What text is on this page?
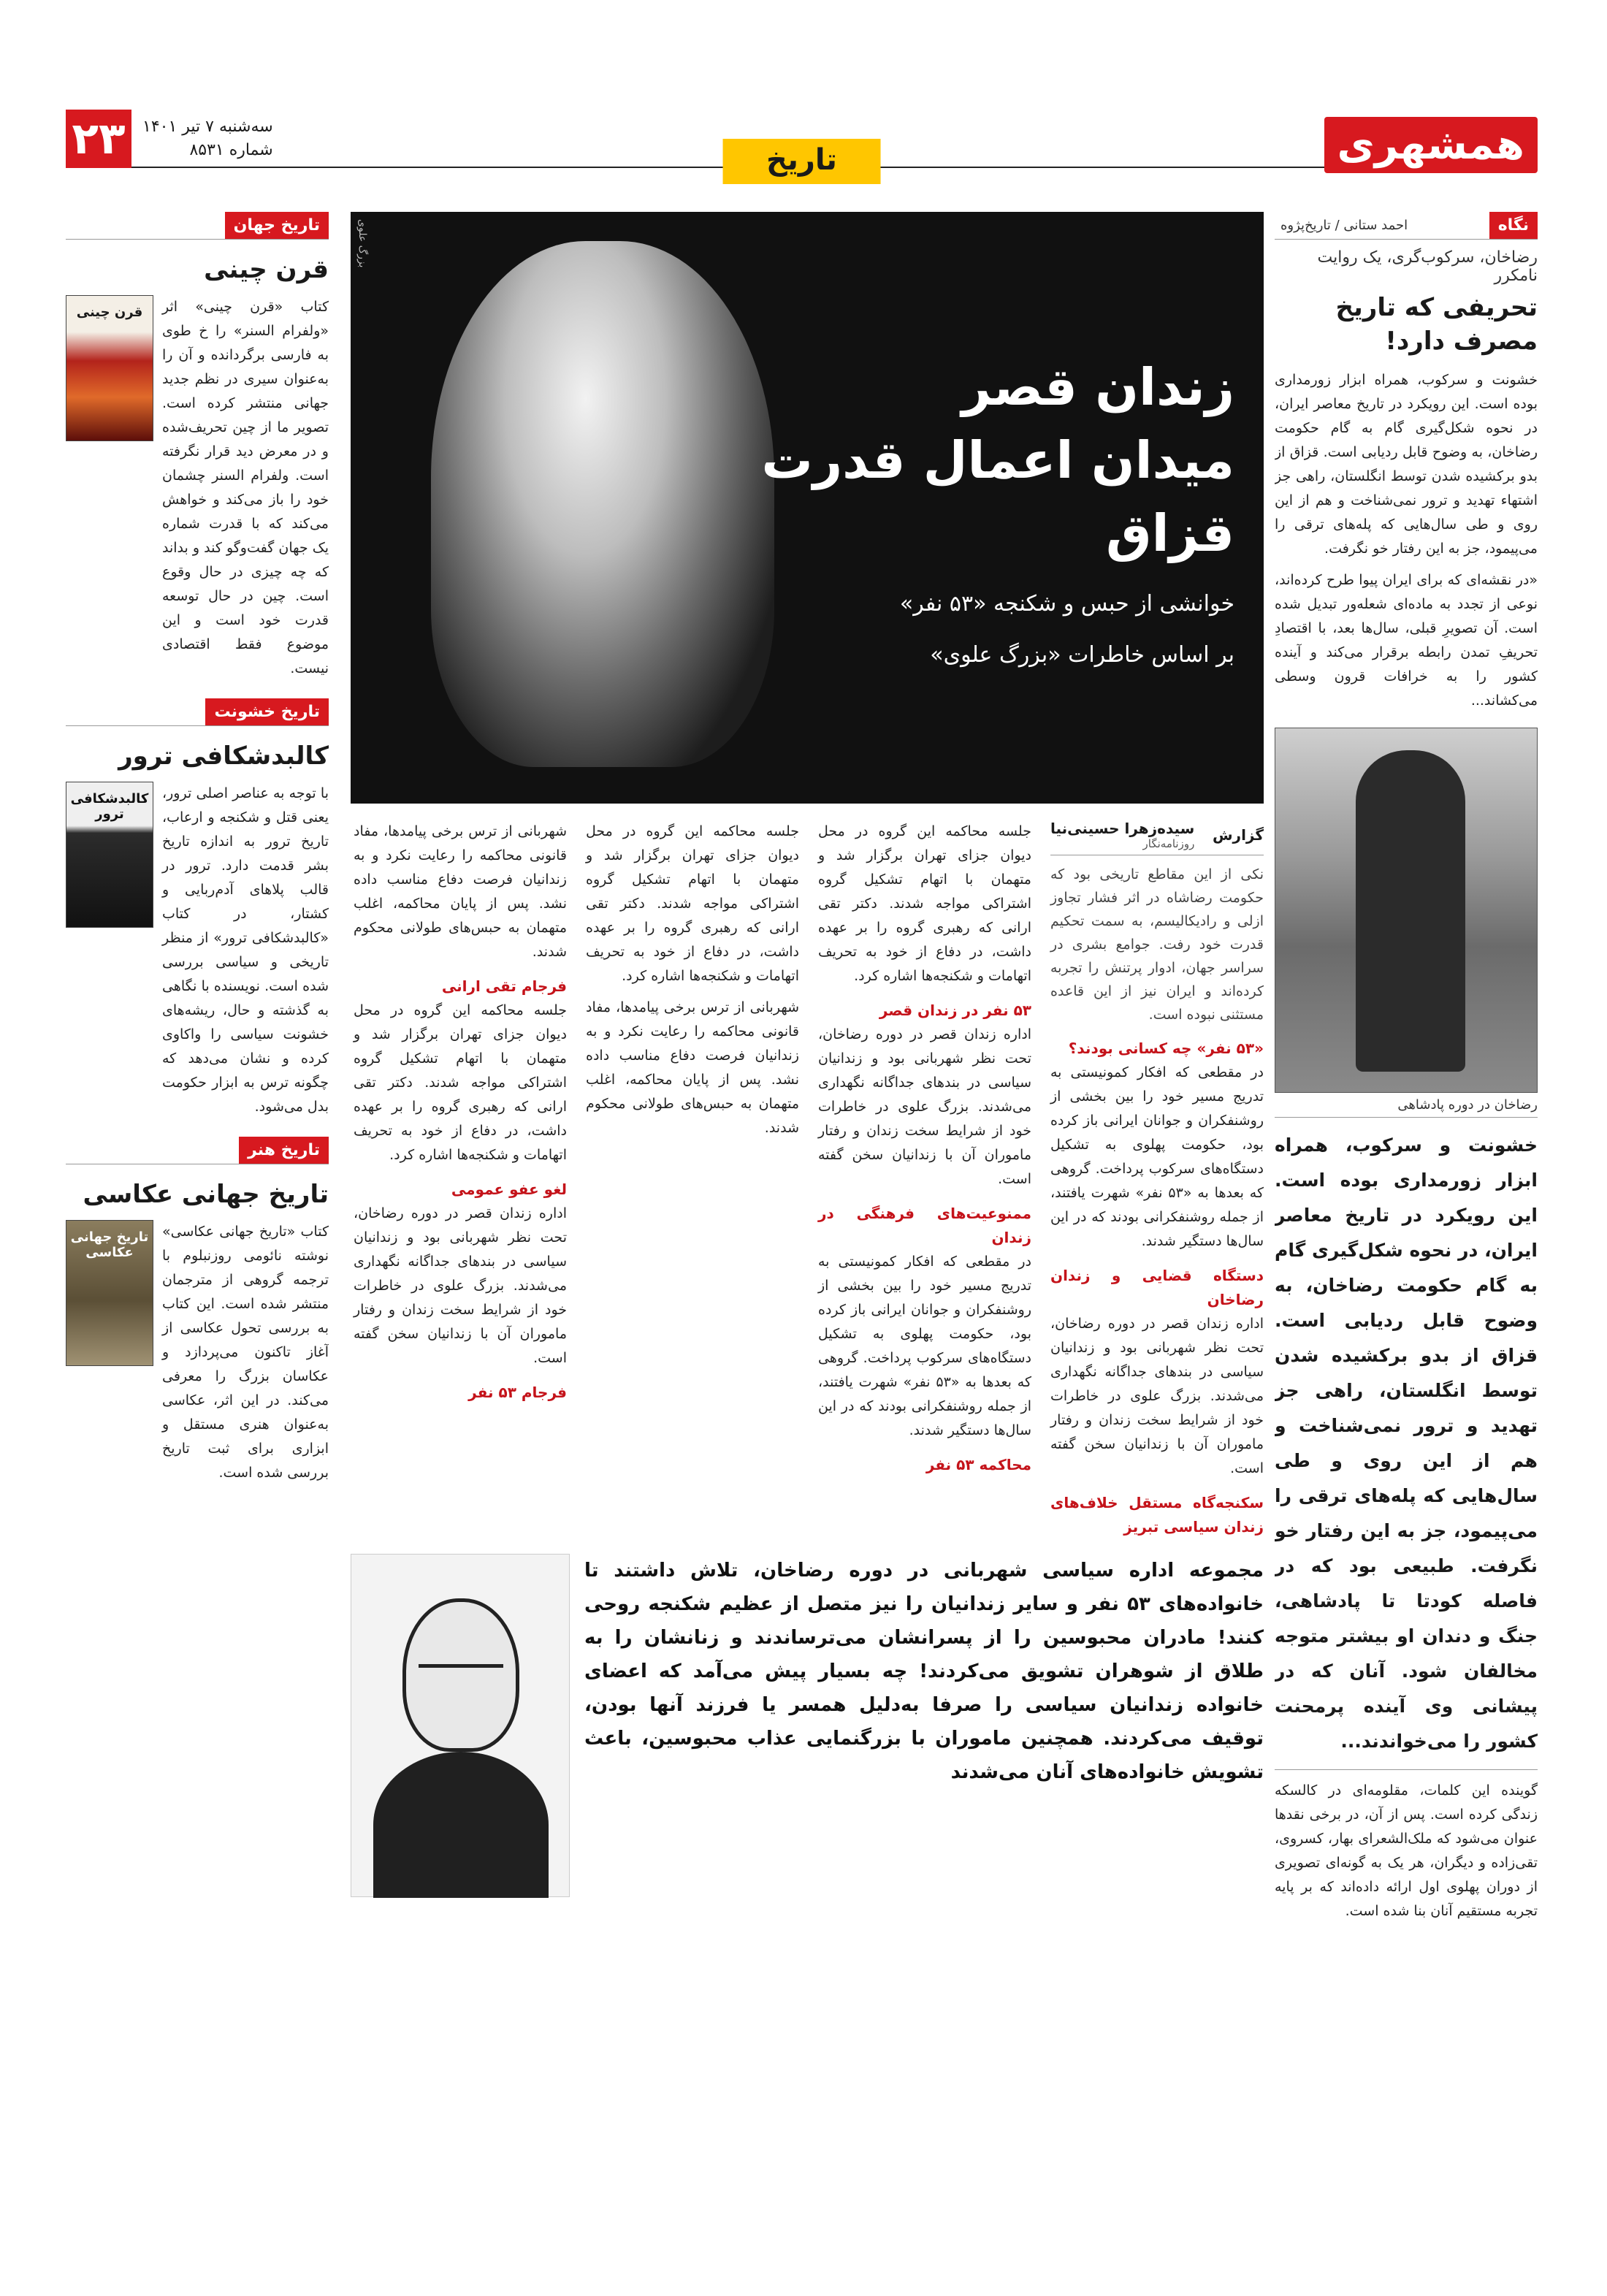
همشهری
تاریخ
سه‌شنبه ۷ تیر ۱۴۰۱
شماره ۸۵۳۱
۲۳
نگاه
احمد ستانی / تاریخ‌پژوه
رضاخان، سرکوب‌گری، یک روایت نامکرر
تحریفی که تاریخ مصرف دارد!

خشونت و سرکوب، همراه ابزار زورمداری بوده است. این رویکرد در تاریخ معاصر ایران، در نحوه شکل‌گیری گام به گام حکومت رضاخان، به وضوح قابل ردیابی است. قزاق از بدو برکشیده شدن توسط انگلستان، راهی جز اشتهاء تهدید و ترور نمی‌شناخت و هم از این روی و طی سال‌هایی که پله‌های ترقی را می‌پیمود، جز به این رفتار خو نگرفت.

«در نقشه‌ای که برای ایران پیوا طرح کرده‌اند، نوعی از تجدد به ماده‌ای شعله‌ور تبدیل شده است. آن تصویرِ قبلی، سال‌ها بعد، با اقتصادِ تحریفِ تمدن رابطه برقرار می‌کند و آینده کشور را به خرافات قرون وسطی می‌کشاند...

رضاخان در دوره پادشاهی
خشونت و سرکوب، همراه ابزار زورمداری بوده است. این رویکرد در تاریخ معاصر ایران، در نحوه شکل‌گیری گام به گام حکومت رضاخان، به وضوح قابل ردیابی است. قزاق از بدو برکشیده شدن توسط انگلستان، راهی جز تهدید و ترور نمی‌شناخت و هم از این روی و طی سال‌هایی که پله‌های ترقی را می‌پیمود، جز به این رفتار خو نگرفت. طبیعی بود که در فاصله کودتا تا پادشاهی، جنگ و دندان او بیشتر متوجه مخالفان شود. آنان که در پیشانی وی آینده پرمحنت کشور را می‌خواندند...

گوینده این کلمات، مقلومه‌ای در کالسکه زندگی کرده است. پس از آن، در برخی نقدها عنوان می‌شود که ملک‌الشعرای بهار، کسروی، تقی‌زاده و دیگران، هر یک به گونه‌ای تصویری از دوران پهلوی اول ارائه داده‌اند که بر پایه تجربه مستقیم آنان بنا شده است.

تاریخ جهان
قرن چینی
کتاب «قرن چینی» اثر «ولفرام السنر» را خ طوی به فارسی برگردانده و آن را به‌عنوان سیری در نظم جدید جهانی منتشر کرده است. تصویر ما از چین تحریف‌شده و در معرض دید قرار نگرفته است. ولفرام السنر چشمان خود را باز می‌کند و خواهش می‌کند که با قدرت شماره یک جهان گفت‌وگو کند و بداند که چه چیزی در حال وقوع است. چین در حال توسعه قدرت خود است و این موضوع فقط اقتصادی نیست.
قرن چینی
تاریخ خشونت
کالبدشکافی ترور
با توجه به عناصر اصلی ترور، یعنی قتل و شکنجه و ارعاب، تاریخ ترور به اندازه تاریخ بشر قدمت دارد. ترور در قالب پلاهای آدم‌ربایی و کشتار، در کتاب «کالبدشکافی ترور» از منظر تاریخی و سیاسی بررسی شده است. نویسنده با نگاهی به گذشته و حال، ریشه‌های خشونت سیاسی را واکاوی کرده و نشان می‌دهد که چگونه ترس به ابزار حکومت بدل می‌شود.
کالبدشکافی ترور
تاریخ هنر
تاریخ جهانی عکاسی
کتاب «تاریخ جهانی عکاسی» نوشته نائومی روزنبلوم با ترجمه گروهی از مترجمان منتشر شده است. این کتاب به بررسی تحول عکاسی از آغاز تاکنون می‌پردازد و عکاسان بزرگ را معرفی می‌کند. در این اثر، عکاسی به‌عنوان هنری مستقل و ابزاری برای ثبت تاریخ بررسی شده است.
تاریخ جهانی عکاسی
بزرگ علوی
زندان قصر
میدان اعمال قدرت قزاق
خوانشی از حبس و شکنجه «۵۳ نفر»
بر اساس خاطرات «بزرگ علوی»
گزارش
سیده‌زهرا حسینی‌نیا
روزنامه‌نگار
نکی از این مقاطع تاریخی بود که حکومت رضاشاه در اثر فشار تجاوز ازلی و رادیکالیسم، به سمت تحکیم قدرت خود رفت. جوامع بشری در سراسر جهان، ادوار پرتنش را تجربه کرده‌اند و ایران نیز از این قاعده مستثنی نبوده است.
«۵۳ نفر» چه کسانی بودند؟

در مقطعی که افکار کمونیستی به تدریج مسیر خود را بین بخشی از روشنفکران و جوانان ایرانی باز کرده بود، حکومت پهلوی به تشکیل دستگاه‌های سرکوب پرداخت. گروهی که بعدها به «۵۳ نفر» شهرت یافتند، از جمله روشنفکرانی بودند که در این سال‌ها دستگیر شدند.

دستگاه قضایی و زندان رضاخان

اداره زندان قصر در دوره رضاخان، تحت نظر شهربانی بود و زندانیان سیاسی در بندهای جداگانه نگهداری می‌شدند. بزرگ علوی در خاطرات خود از شرایط سخت زندان و رفتار ماموران آن با زندانیان سخن گفته است.

سکنجه‌گاه مستقل خلاف‌های زندان سیاسی تبریز

جلسه محاکمه این گروه در محل دیوان جزای تهران برگزار شد و متهمان با اتهام تشکیل گروه اشتراکی مواجه شدند. دکتر تقی ارانی که رهبری گروه را بر عهده داشت، در دفاع از خود به تحریف اتهامات و شکنجه‌ها اشاره کرد.

۵۳ نفر در زندان قصر

اداره زندان قصر در دوره رضاخان، تحت نظر شهربانی بود و زندانیان سیاسی در بندهای جداگانه نگهداری می‌شدند. بزرگ علوی در خاطرات خود از شرایط سخت زندان و رفتار ماموران آن با زندانیان سخن گفته است.

ممنوعیت‌های فرهنگی در زندان

در مقطعی که افکار کمونیستی به تدریج مسیر خود را بین بخشی از روشنفکران و جوانان ایرانی باز کرده بود، حکومت پهلوی به تشکیل دستگاه‌های سرکوب پرداخت. گروهی که بعدها به «۵۳ نفر» شهرت یافتند، از جمله روشنفکرانی بودند که در این سال‌ها دستگیر شدند.

محاکمه ۵۳ نفر

جلسه محاکمه این گروه در محل دیوان جزای تهران برگزار شد و متهمان با اتهام تشکیل گروه اشتراکی مواجه شدند. دکتر تقی ارانی که رهبری گروه را بر عهده داشت، در دفاع از خود به تحریف اتهامات و شکنجه‌ها اشاره کرد.

شهربانی از ترس برخی پیامدها، مفاد قانونی محاکمه را رعایت نکرد و به زندانیان فرصت دفاع مناسب داده نشد. پس از پایان محاکمه، اغلب متهمان به حبس‌های طولانی محکوم شدند.

شهربانی از ترس برخی پیامدها، مفاد قانونی محاکمه را رعایت نکرد و به زندانیان فرصت دفاع مناسب داده نشد. پس از پایان محاکمه، اغلب متهمان به حبس‌های طولانی محکوم شدند.

فرجام تقی ارانی

جلسه محاکمه این گروه در محل دیوان جزای تهران برگزار شد و متهمان با اتهام تشکیل گروه اشتراکی مواجه شدند. دکتر تقی ارانی که رهبری گروه را بر عهده داشت، در دفاع از خود به تحریف اتهامات و شکنجه‌ها اشاره کرد.

لغو عفو عمومی

اداره زندان قصر در دوره رضاخان، تحت نظر شهربانی بود و زندانیان سیاسی در بندهای جداگانه نگهداری می‌شدند. بزرگ علوی در خاطرات خود از شرایط سخت زندان و رفتار ماموران آن با زندانیان سخن گفته است.

فرجام ۵۳ نفر
مجموعه اداره سیاسی شهربانی در دوره رضاخان، تلاش داشتند تا خانواده‌های ۵۳ نفر و سایر زندانیان را نیز متصل از عظیم شکنجه روحی کنند! مادران محبوسین را از پسرانشان می‌ترساندند و زنانشان را به طلاق از شوهران تشویق می‌کردند! چه بسیار پیش می‌آمد که اعضای خانواده زندانیان سیاسی را صرفا به‌دلیل همسر یا فرزند آنها بودن، توقیف می‌کردند. همچنین ماموران با بزرگنمایی عذاب محبوسین، باعث تشویش خانواده‌های آنان می‌شدند
